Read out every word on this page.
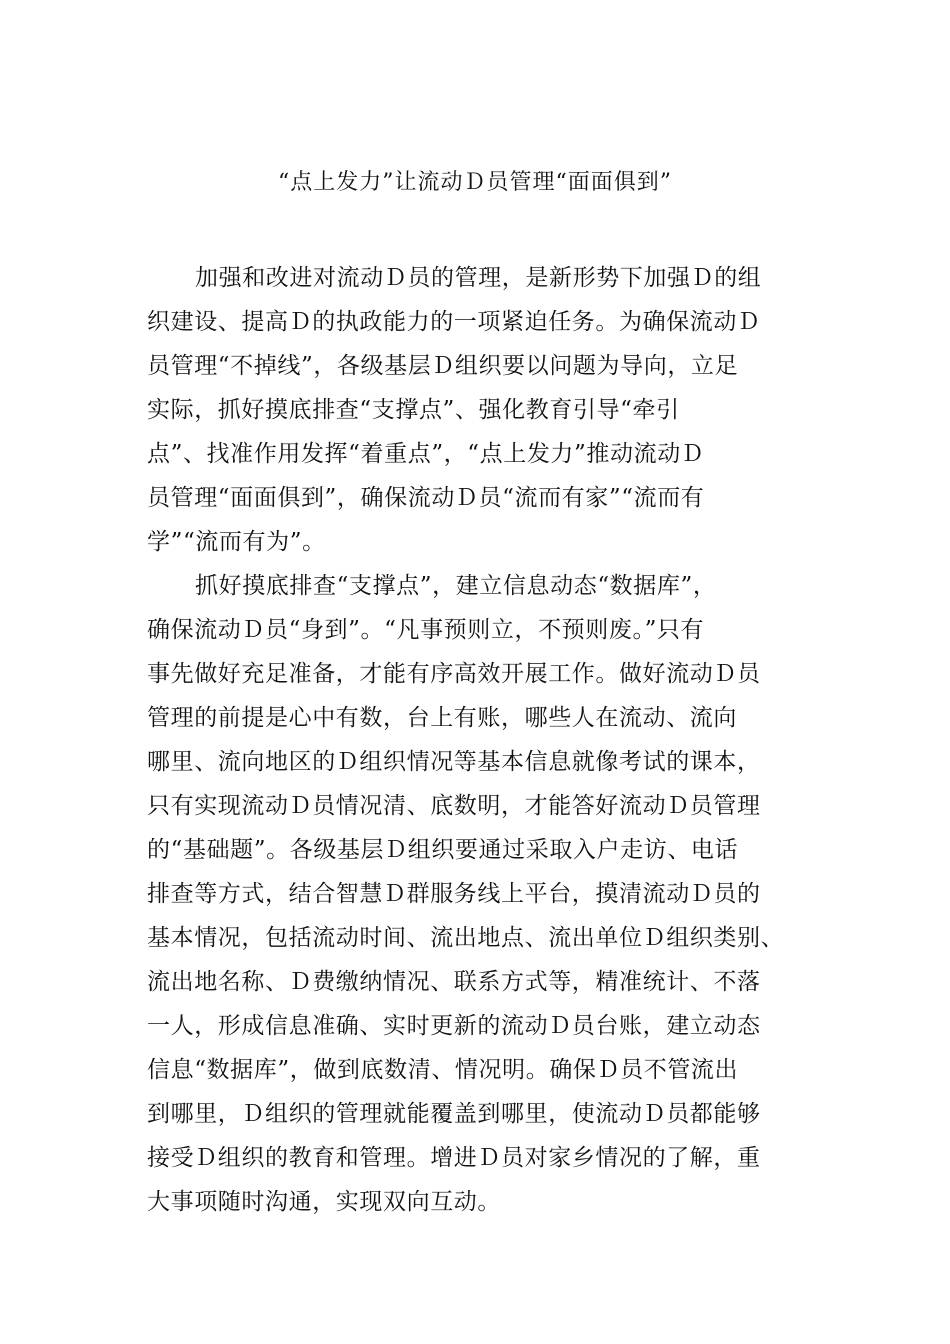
“点上发力”让流动Ｄ员管理“面面俱到”
加强和改进对流动Ｄ员的管理，是新形势下加强Ｄ的组
织建设、提高Ｄ的执政能力的一项紧迫任务。为确保流动Ｄ
员管理“不掉线”，各级基层Ｄ组织要以问题为导向，立足
实际，抓好摸底排查“支撑点”、强化教育引导“牵引
点”、找准作用发挥“着重点”，“点上发力”推动流动Ｄ
员管理“面面俱到”，确保流动Ｄ员“流而有家”“流而有
学”“流而有为”。
抓好摸底排查“支撑点”，建立信息动态“数据库”，
确保流动Ｄ员“身到”。“凡事预则立，不预则废。”只有
事先做好充足准备，才能有序高效开展工作。做好流动Ｄ员
管理的前提是心中有数，台上有账，哪些人在流动、流向
哪里、流向地区的Ｄ组织情况等基本信息就像考试的课本，
只有实现流动Ｄ员情况清、底数明，才能答好流动Ｄ员管理
的“基础题”。各级基层Ｄ组织要通过采取入户走访、电话
排查等方式，结合智慧Ｄ群服务线上平台，摸清流动Ｄ员的
基本情况，包括流动时间、流出地点、流出单位Ｄ组织类别、
流出地名称、Ｄ费缴纳情况、联系方式等，精准统计、不落
一人，形成信息准确、实时更新的流动Ｄ员台账，建立动态
信息“数据库”，做到底数清、情况明。确保Ｄ员不管流出
到哪里，Ｄ组织的管理就能覆盖到哪里，使流动Ｄ员都能够
接受Ｄ组织的教育和管理。增进Ｄ员对家乡情况的了解，重
大事项随时沟通，实现双向互动。
